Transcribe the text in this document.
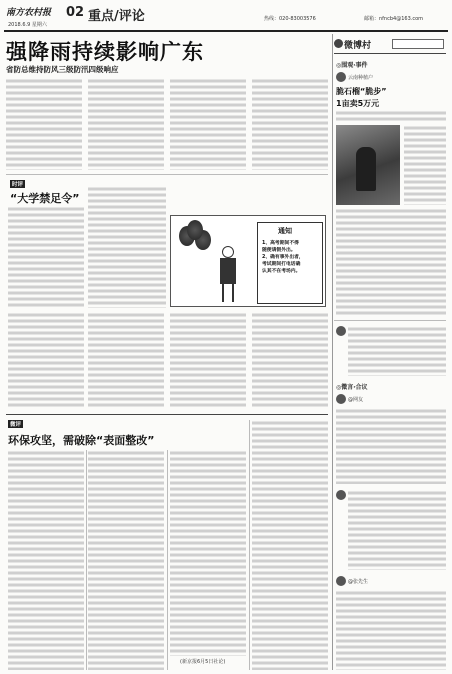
南方农村报
2018.6.9 星期六
02 重点/评论	热线：020-83003576	邮箱：nfncb4@163.com
强降雨持续影响广东
省防总维持防风三级防汛四级响应
时评
“大学禁足令”
通知
1、高考期间不得
随便请假外出。
2、确有事外出者，
考试期间打电话确
认其不在考场内。
微评
环保攻坚，需破除“表面整改”
(新京报6月5日社论)
微博村
◎围观·事件
云南种植户
脆石榴“脆步”
1亩卖5万元
◎微言·合议
@网友
@张先生
